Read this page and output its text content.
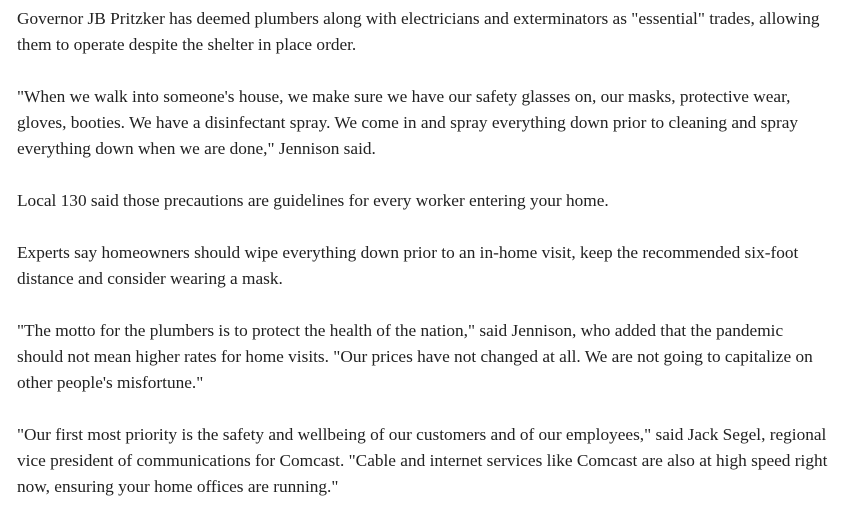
Governor JB Pritzker has deemed plumbers along with electricians and exterminators as "essential" trades, allowing them to operate despite the shelter in place order.

"When we walk into someone's house, we make sure we have our safety glasses on, our masks, protective wear, gloves, booties. We have a disinfectant spray. We come in and spray everything down prior to cleaning and spray everything down when we are done," Jennison said.

Local 130 said those precautions are guidelines for every worker entering your home.

Experts say homeowners should wipe everything down prior to an in-home visit, keep the recommended six-foot distance and consider wearing a mask.

"The motto for the plumbers is to protect the health of the nation," said Jennison, who added that the pandemic should not mean higher rates for home visits. "Our prices have not changed at all. We are not going to capitalize on other people's misfortune."

"Our first most priority is the safety and wellbeing of our customers and of our employees," said Jack Segel, regional vice president of communications for Comcast. "Cable and internet services like Comcast are also at high speed right now, ensuring your home offices are running."
